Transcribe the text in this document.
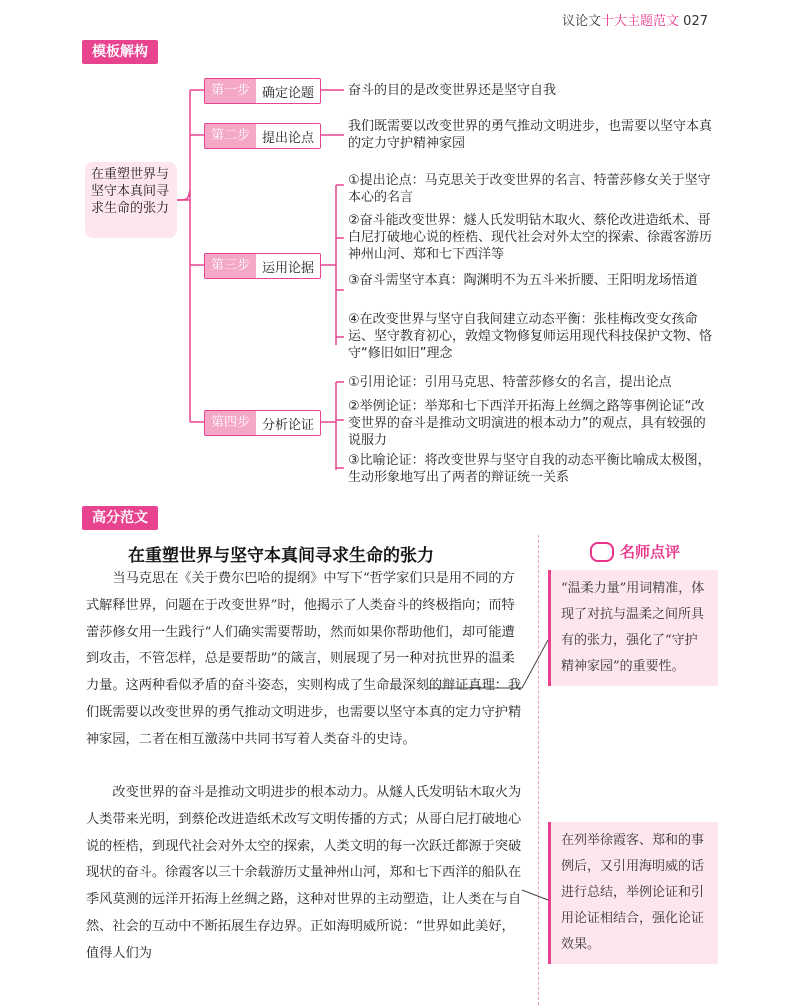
议论文十大主题范文 027
模板解构
在重塑世界与坚守本真间寻求生命的张力
第一步 确定论题
第二步 提出论点
第三步 运用论据
第四步 分析论证
奋斗的目的是改变世界还是坚守自我
我们既需要以改变世界的勇气推动文明进步，也需要以坚守本真的定力守护精神家园
①提出论点：马克思关于改变世界的名言、特蕾莎修女关于坚守本心的名言
②奋斗能改变世界：燧人氏发明钻木取火、蔡伦改进造纸术、哥白尼打破地心说的桎梏、现代社会对外太空的探索、徐霞客游历神州山河、郑和七下西洋等
③奋斗需坚守本真：陶渊明不为五斗米折腰、王阳明龙场悟道
④在改变世界与坚守自我间建立动态平衡：张桂梅改变女孩命运、坚守教育初心，敦煌文物修复师运用现代科技保护文物、恪守“修旧如旧”理念
①引用论证：引用马克思、特蕾莎修女的名言，提出论点
②举例论证：举郑和七下西洋开拓海上丝绸之路等事例论证“改变世界的奋斗是推动文明演进的根本动力”的观点，具有较强的说服力
③比喻论证：将改变世界与坚守自我的动态平衡比喻成太极图，生动形象地写出了两者的辩证统一关系
高分范文
在重塑世界与坚守本真间寻求生命的张力

当马克思在《关于费尔巴哈的提纲》中写下“哲学家们只是用不同的方式解释世界，问题在于改变世界”时，他揭示了人类奋斗的终极指向；而特蕾莎修女用一生践行“人们确实需要帮助，然而如果你帮助他们，却可能遭到攻击，不管怎样，总是要帮助”的箴言，则展现了另一种对抗世界的温柔力量。这两种看似矛盾的奋斗姿态，实则构成了生命最深刻的辩证真理：我们既需要以改变世界的勇气推动文明进步，也需要以坚守本真的定力守护精神家园，二者在相互激荡中共同书写着人类奋斗的史诗。

改变世界的奋斗是推动文明进步的根本动力。从燧人氏发明钻木取火为人类带来光明，到蔡伦改进造纸术改写文明传播的方式；从哥白尼打破地心说的桎梏，到现代社会对外太空的探索，人类文明的每一次跃迁都源于突破现状的奋斗。徐霞客以三十余载游历丈量神州山河，郑和七下西洋的船队在季风莫测的远洋开拓海上丝绸之路，这种对世界的主动塑造，让人类在与自然、社会的互动中不断拓展生存边界。正如海明威所说：“世界如此美好，值得人们为

名师点评
“温柔力量”用词精准，体现了对抗与温柔之间所具有的张力，强化了“守护精神家园”的重要性。
在列举徐霞客、郑和的事例后，又引用海明威的话进行总结，举例论证和引用论证相结合，强化论证效果。
